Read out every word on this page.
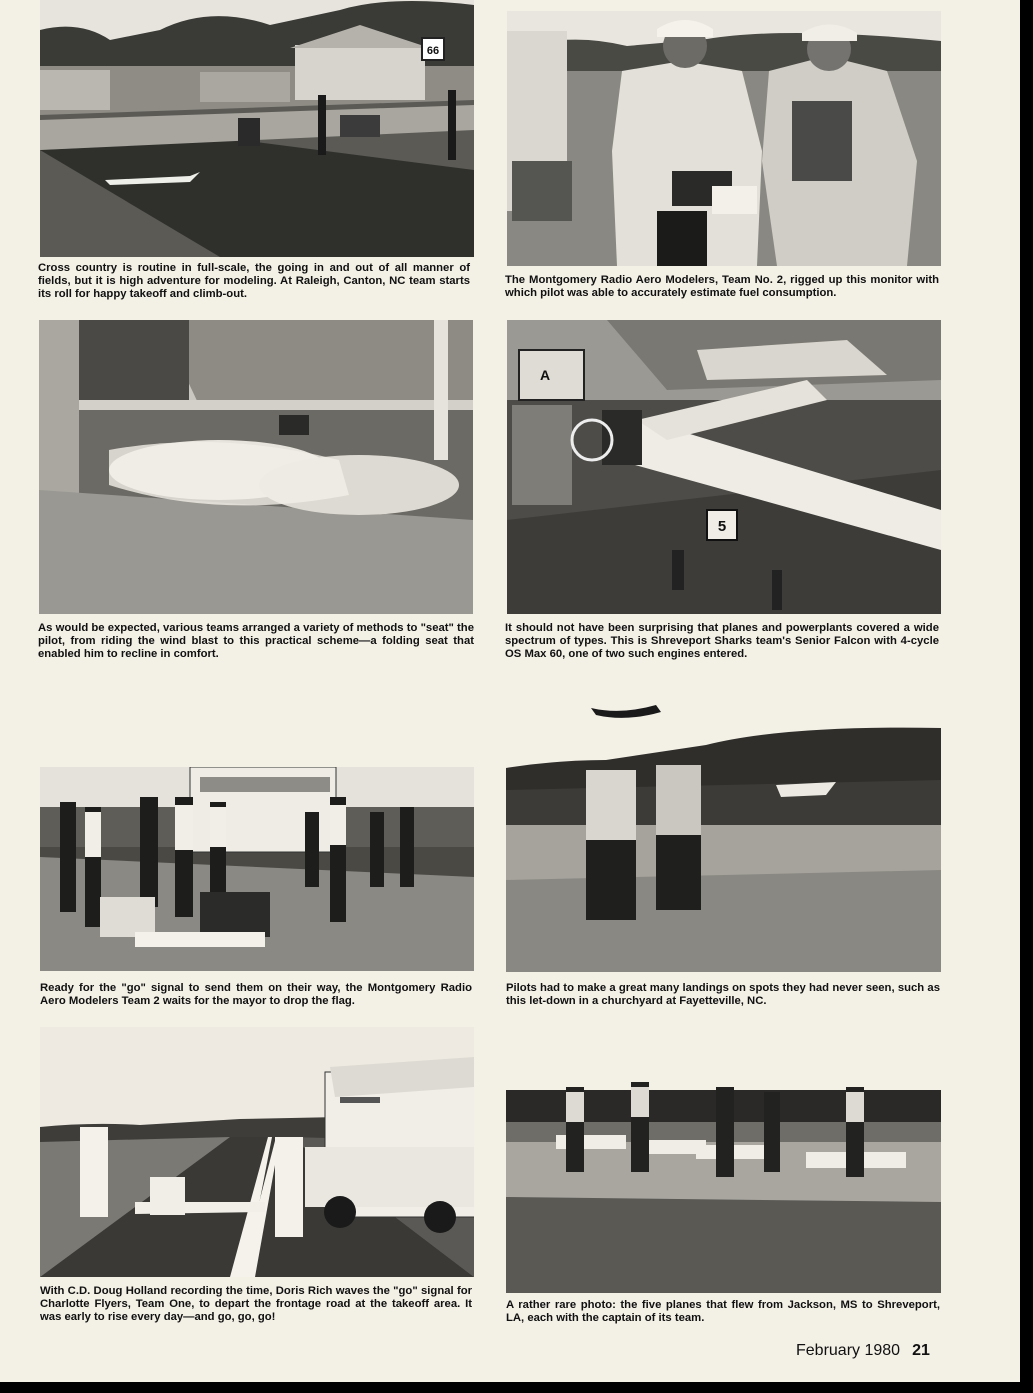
66

Cross country is routine in full-scale, the going in and out of all manner of fields, but it is high adventure for modeling. At Raleigh, Canton, NC team starts its roll for happy takeoff and climb-out.

The Montgomery Radio Aero Modelers, Team No. 2, rigged up this monitor with which pilot was able to accurately estimate fuel consumption.

As would be expected, various teams arranged a variety of methods to "seat" the pilot, from riding the wind blast to this practical scheme—a folding seat that enabled him to recline in comfort.

A
5

It should not have been surprising that planes and powerplants covered a wide spectrum of types. This is Shreveport Sharks team's Senior Falcon with 4-cycle OS Max 60, one of two such engines entered.

Ready for the "go" signal to send them on their way, the Montgomery Radio Aero Modelers Team 2 waits for the mayor to drop the flag.

Pilots had to make a great many landings on spots they had never seen, such as this let-down in a churchyard at Fayetteville, NC.

With C.D. Doug Holland recording the time, Doris Rich waves the "go" signal for Charlotte Flyers, Team One, to depart the frontage road at the takeoff area. It was early to rise every day—and go, go, go!

A rather rare photo: the five planes that flew from Jackson, MS to Shreveport, LA, each with the captain of its team.

February 1980 21
